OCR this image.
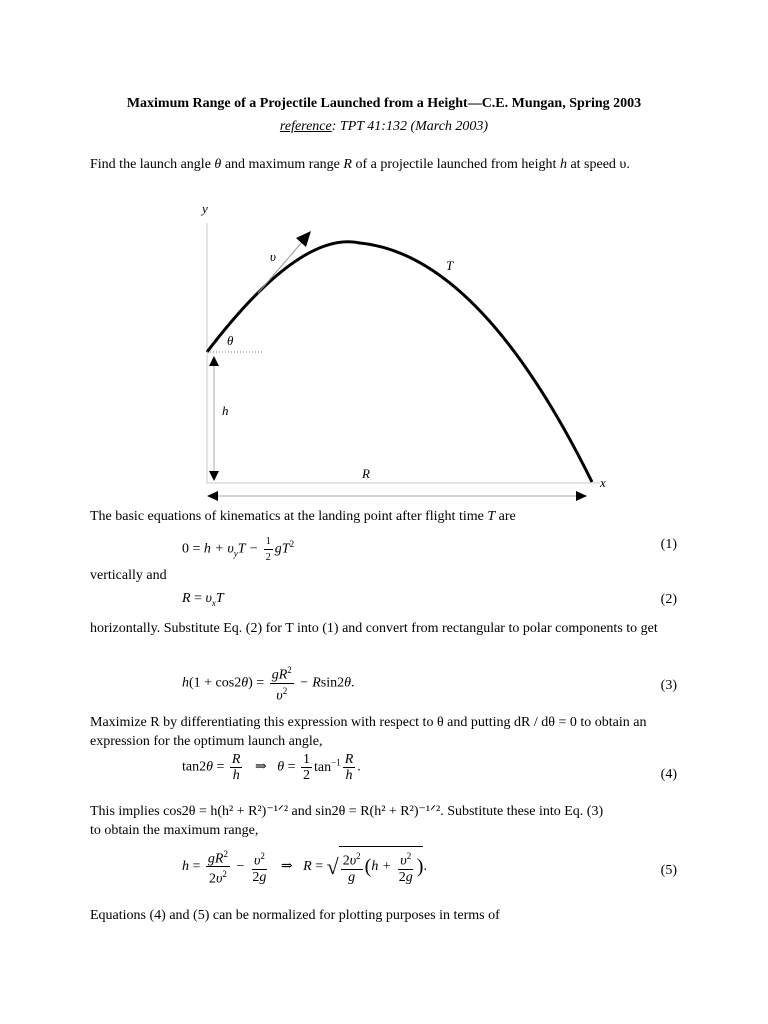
Maximum Range of a Projectile Launched from a Height—C.E. Mungan, Spring 2003
reference: TPT 41:132 (March 2003)
Find the launch angle θ and maximum range R of a projectile launched from height h at speed υ.
y
x
υ
T
θ
h
R
The basic equations of kinematics at the landing point after flight time T are
$0 = h + \upsilon_yT - \frac{1}{2} gT^2$	(1)
vertically and
$R = \upsilon_xT$	(2)
horizontally. Substitute Eq. (2) for T into (1) and convert from rectangular to polar components to get
$h(1 + \cos 2\theta) = \frac{gR^2}{\upsilon^2} - Rsin2\theta$.	(3)
Maximize R by differentiating this expression with respect to θ and putting dR / dθ = 0 to obtain an expression for the optimum launch angle,
$\tan 2\theta = \frac{R}{h}$ ⇒   $\theta = \frac{1}{2} \tan^{-1} \frac{R}{h}$ .	(4)
This implies cos2θ = h(h² + R²)⁻¹ᐟ² and sin2θ = R(h² + R²)⁻¹ᐟ². Substitute these into Eq. (3)
to obtain the maximum range,
$h = \frac{gR^2}{2\upsilon^2} - \frac{\upsilon^2}{2g}$ ⇒   R = √ $\frac{2\upsilon^2}{g} (h + \frac{\upsilon^2}{2g}$ ).	(5)
Equations (4) and (5) can be normalized for plotting purposes in terms of
